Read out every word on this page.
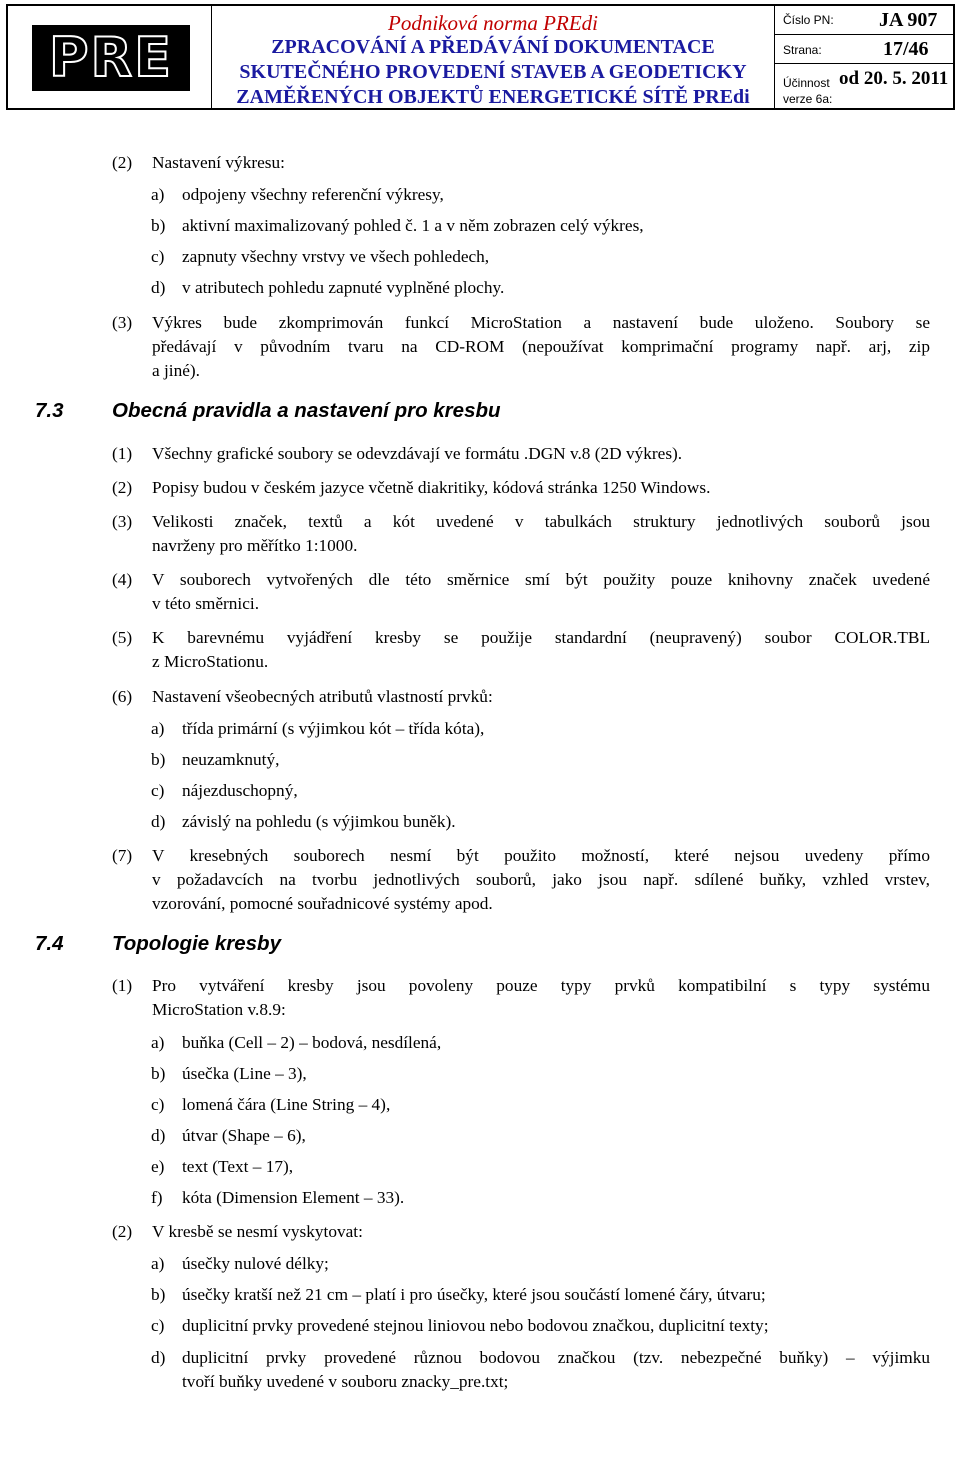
PRE
Podniková norma PREdi
ZPRACOVÁNÍ A PŘEDÁVÁNÍ DOKUMENTACE
SKUTEČNÉHO PROVEDENÍ STAVEB A GEODETICKY
ZAMĚŘENÝCH OBJEKTŮ ENERGETICKÉ SÍTĚ PREdi
Číslo PN: JA 907
Strana:	17/46
Účinnost od 20. 5. 2011
verze 6a:
(2) Nastavení výkresu:
a) odpojeny všechny referenční výkresy,
b) aktivní maximalizovaný pohled č. 1 a v něm zobrazen celý výkres,
c) zapnuty všechny vrstvy ve všech pohledech,
d) v atributech pohledu zapnuté vyplněné plochy.
(3) Výkres bude zkomprimován funkcí MicroStation a nastavení bude uloženo. Soubory se
předávají v původním tvaru na CD-ROM (nepoužívat komprimační programy např. arj, zip
a jiné).
7.3 Obecná pravidla a nastavení pro kresbu
(1) Všechny grafické soubory se odevzdávají ve formátu .DGN v.8 (2D výkres).
(2) Popisy budou v českém jazyce včetně diakritiky, kódová stránka 1250 Windows.
(3) Velikosti značek, textů a kót uvedené v tabulkách struktury jednotlivých souborů jsou
navrženy pro měřítko 1:1000.
(4) V souborech vytvořených dle této směrnice smí být použity pouze knihovny značek uvedené
v této směrnici.
(5) K barevnému vyjádření kresby se použije standardní (neupravený) soubor COLOR.TBL
z MicroStationu.
(6) Nastavení všeobecných atributů vlastností prvků:
a) třída primární (s výjimkou kót – třída kóta),
b) neuzamknutý,
c) nájezduschopný,
d) závislý na pohledu (s výjimkou buněk).
(7) V kresebných souborech nesmí být použito možností, které nejsou uvedeny přímo
v požadavcích na tvorbu jednotlivých souborů, jako jsou např. sdílené buňky, vzhled vrstev,
vzorování, pomocné souřadnicové systémy apod.
7.4 Topologie kresby
(1) Pro vytváření kresby jsou povoleny pouze typy prvků kompatibilní s typy systému
MicroStation v.8.9:
a) buňka (Cell – 2) – bodová, nesdílená,
b) úsečka (Line – 3),
c) lomená čára (Line String – 4),
d) útvar (Shape – 6),
e) text (Text – 17),
f) kóta (Dimension Element – 33).
(2) V kresbě se nesmí vyskytovat:
a) úsečky nulové délky;
b) úsečky kratší než 21 cm – platí i pro úsečky, které jsou součástí lomené čáry, útvaru;
c) duplicitní prvky provedené stejnou liniovou nebo bodovou značkou, duplicitní texty;
d) duplicitní prvky provedené různou bodovou značkou (tzv. nebezpečné buňky) – výjimku
tvoří buňky uvedené v souboru znacky_pre.txt;
